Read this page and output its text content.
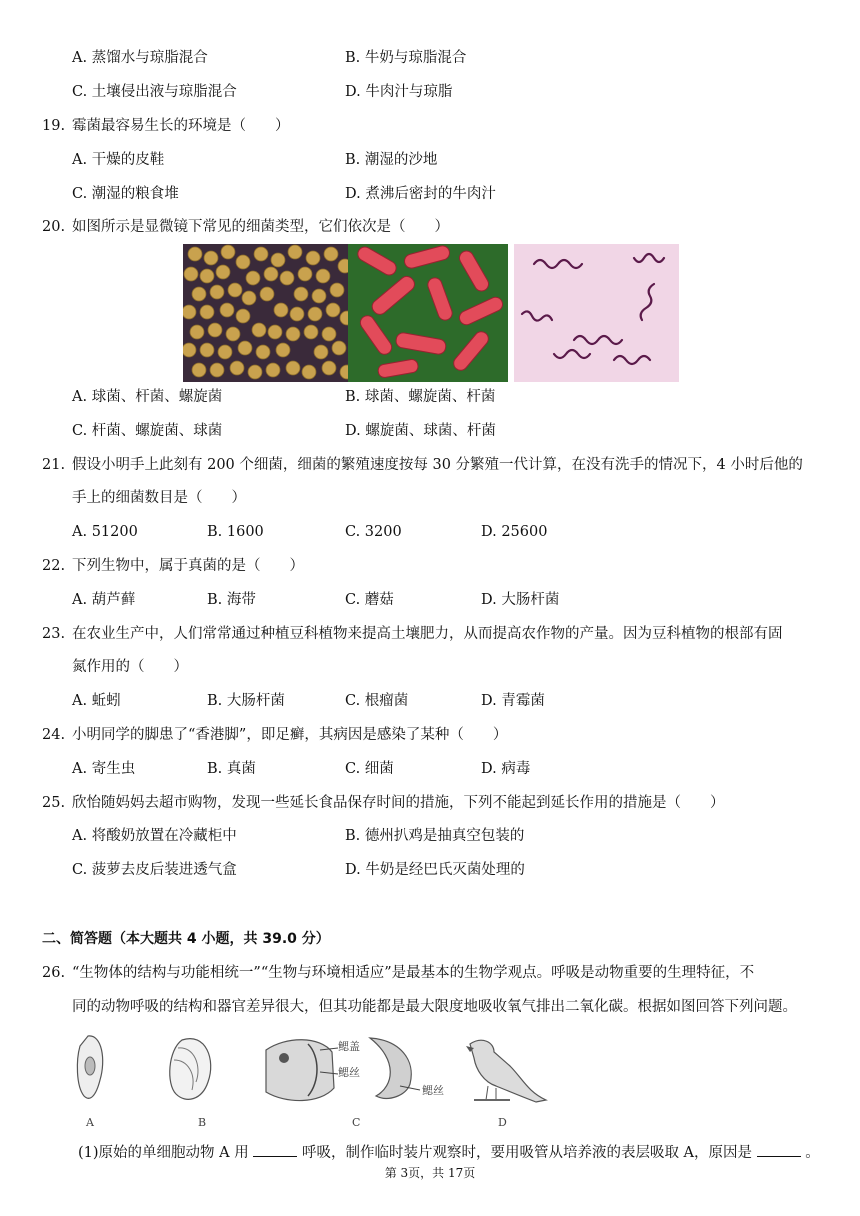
A. 蒸馏水与琼脂混合	B. 牛奶与琼脂混合
C. 土壤侵出液与琼脂混合	D. 牛肉汁与琼脂
19. 霉菌最容易生长的环境是（　　）
A. 干燥的皮鞋	B. 潮湿的沙地
C. 潮湿的粮食堆	D. 煮沸后密封的牛肉汁
20. 如图所示是显微镜下常见的细菌类型，它们依次是（　　）
A. 球菌、杆菌、螺旋菌	B. 球菌、螺旋菌、杆菌
C. 杆菌、螺旋菌、球菌	D. 螺旋菌、球菌、杆菌
21. 假设小明手上此刻有 200 个细菌，细菌的繁殖速度按每 30 分繁殖一代计算，在没有洗手的情况下，4 小时后他的
手上的细菌数目是（　　）
A. 51200	B. 1600	C. 3200	D. 25600
22. 下列生物中，属于真菌的是（　　）
A. 葫芦藓	B. 海带	C. 蘑菇	D. 大肠杆菌
23. 在农业生产中，人们常常通过种植豆科植物来提高土壤肥力，从而提高农作物的产量。因为豆科植物的根部有固
氮作用的（　　）
A. 蚯蚓	B. 大肠杆菌	C. 根瘤菌	D. 青霉菌
24. 小明同学的脚患了“香港脚”，即足癣，其病因是感染了某种（　　）
A. 寄生虫	B. 真菌	C. 细菌	D. 病毒
25. 欣怡随妈妈去超市购物，发现一些延长食品保存时间的措施，下列不能起到延长作用的措施是（　　）
A. 将酸奶放置在冷藏柜中	B. 德州扒鸡是抽真空包装的
C. 菠萝去皮后装进透气盒	D. 牛奶是经巴氏灭菌处理的
二、简答题（本大题共 4 小题，共 39.0 分）
26. “生物体的结构与功能相统一”“生物与环境相适应”是最基本的生物学观点。呼吸是动物重要的生理特征，不
同的动物呼吸的结构和器官差异很大，但其功能都是最大限度地吸收氧气排出二氧化碳。根据如图回答下列问题。
A	B
鳃盖
鳃丝
鳃丝
C	D
(1)原始的单细胞动物 A 用	呼吸，制作临时装片观察时，要用吸管从培养液的表层吸取 A，原因是	。
第 3页，共 17页
